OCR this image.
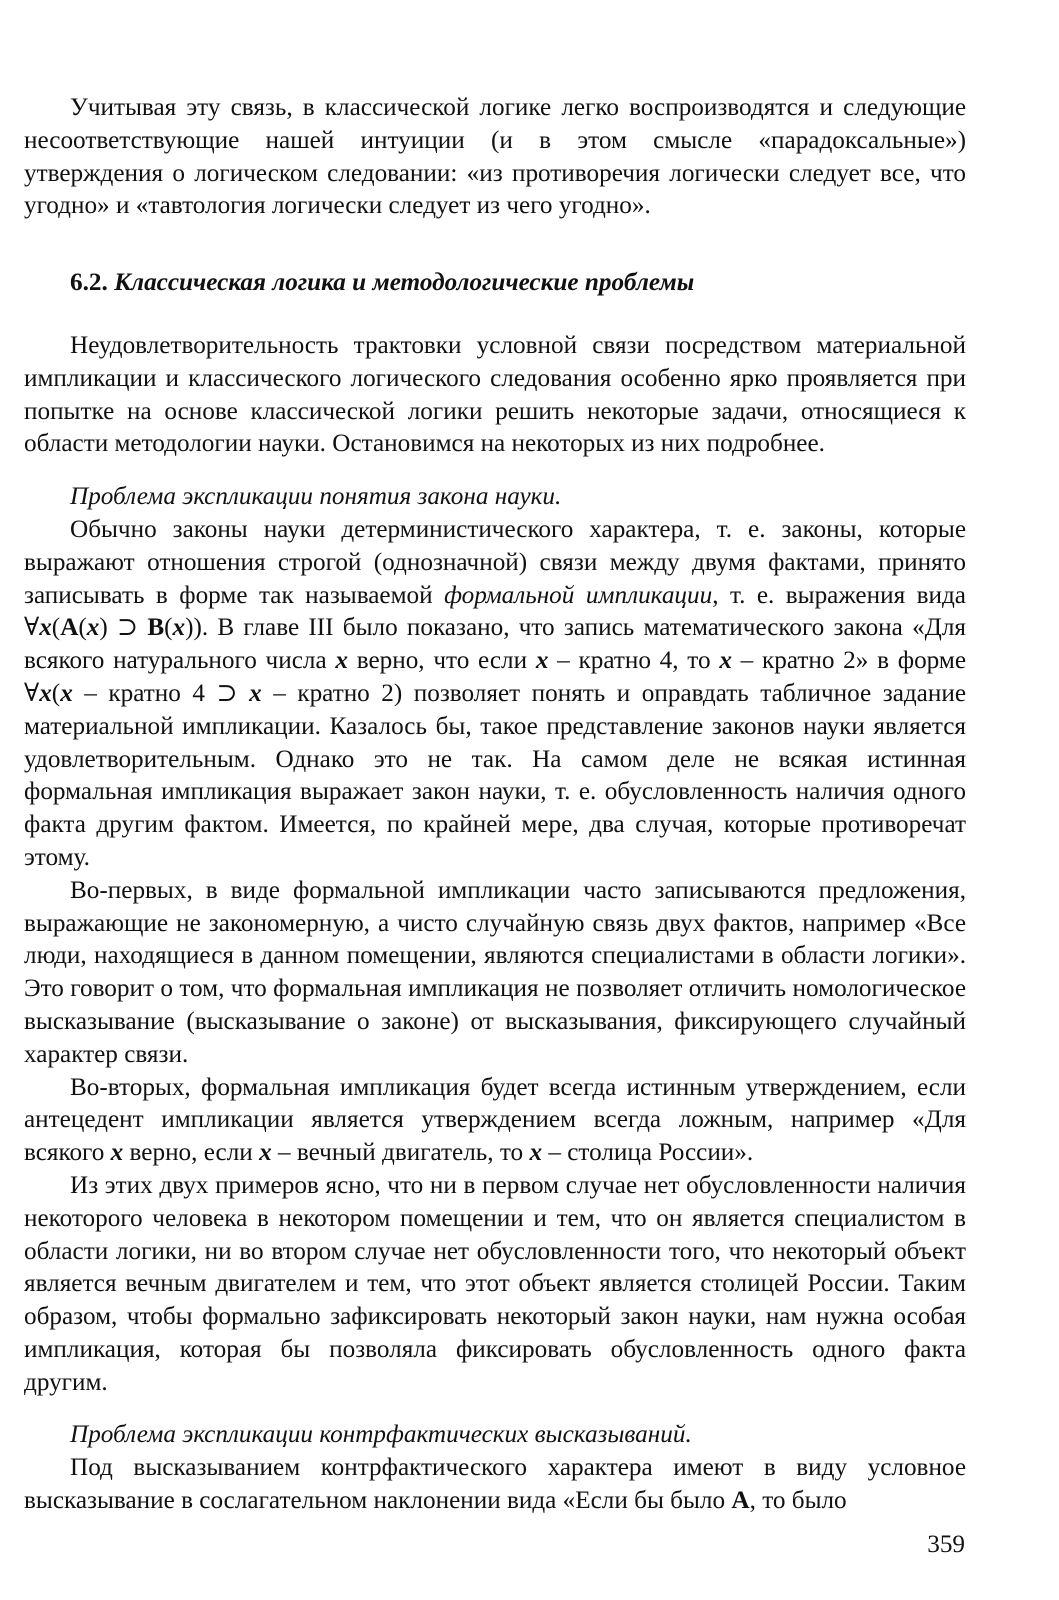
Учитывая эту связь, в классической логике легко воспроизводятся и следующие несоответствующие нашей интуиции (и в этом смысле «парадоксальные») утверждения о логическом следовании: «из противоречия логически следует все, что угодно» и «тавтология логически следует из чего угодно».

6.2. Классическая логика и методологические проблемы

Неудовлетворительность трактовки условной связи посредством материальной импликации и классического логического следования особенно ярко проявляется при попытке на основе классической логики решить некоторые задачи, относящиеся к области методологии науки. Остановимся на некоторых из них подробнее.

Проблема экспликации понятия закона науки.

Обычно законы науки детерминистического характера, т. е. законы, которые выражают отношения строгой (однозначной) связи между двумя фактами, принято записывать в форме так называемой формальной импликации, т. е. выражения вида ∀x(A(x) ⊃ B(x)). В главе III было показано, что запись математического закона «Для всякого натурального числа x верно, что если x – кратно 4, то x – кратно 2» в форме ∀x(x – кратно 4 ⊃ x – кратно 2) позволяет понять и оправдать табличное задание материальной импликации. Казалось бы, такое представление законов науки является удовлетворительным. Однако это не так. На самом деле не всякая истинная формальная импликация выражает закон науки, т. е. обусловленность наличия одного факта другим фактом. Имеется, по крайней мере, два случая, которые противоречат этому.

Во-первых, в виде формальной импликации часто записываются предложения, выражающие не закономерную, а чисто случайную связь двух фактов, например «Все люди, находящиеся в данном помещении, являются специалистами в области логики». Это говорит о том, что формальная импликация не позволяет отличить номологическое высказывание (высказывание о законе) от высказывания, фиксирующего случайный характер связи.

Во-вторых, формальная импликация будет всегда истинным утверждением, если антецедент импликации является утверждением всегда ложным, например «Для всякого x верно, если x – вечный двигатель, то x – столица России».

Из этих двух примеров ясно, что ни в первом случае нет обусловленности наличия некоторого человека в некотором помещении и тем, что он является специалистом в области логики, ни во втором случае нет обусловленности того, что некоторый объект является вечным двигателем и тем, что этот объект является столицей России. Таким образом, чтобы формально зафиксировать некоторый закон науки, нам нужна особая импликация, которая бы позволяла фиксировать обусловленность одного факта другим.

Проблема экспликации контрфактических высказываний.

Под высказыванием контрфактического характера имеют в виду условное высказывание в сослагательном наклонении вида «Если бы было A, то было

359
